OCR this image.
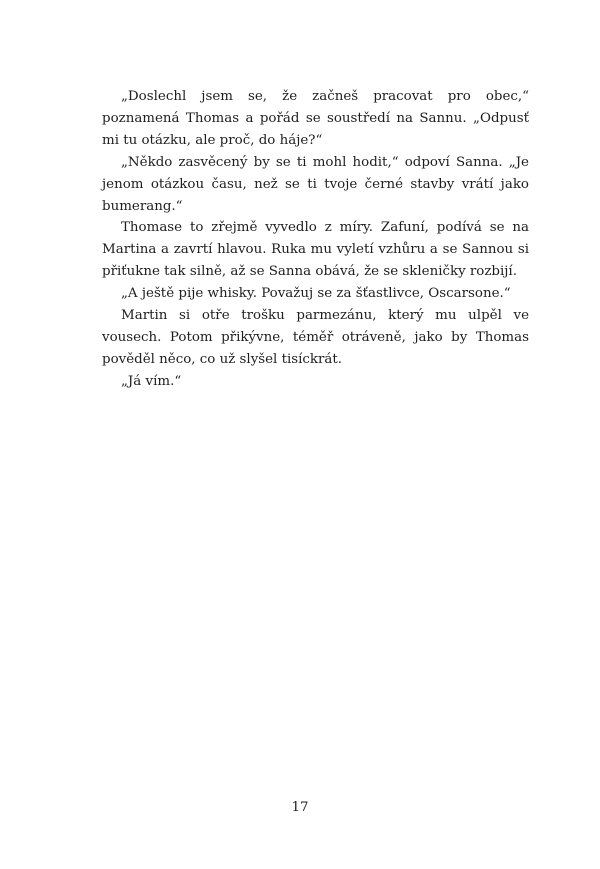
„Doslechl jsem se, že začneš pracovat pro obec,“ poznamená Thomas a pořád se soustředí na Sannu. „Odpusť mi tu otázku, ale proč, do háje?“

„Někdo zasvěcený by se ti mohl hodit,“ odpoví Sanna. „Je jenom otázkou času, než se ti tvoje černé stavby vrátí jako bumerang.“

Thomase to zřejmě vyvedlo z míry. Zafuní, podívá se na Martina a zavrtí hlavou. Ruka mu vyletí vzhůru a se Sannou si přiťukne tak silně, až se Sanna obává, že se skleničky rozbijí.

„A ještě pije whisky. Považuj se za šťastlivce, Oscarsone.“

Martin si otře trošku parmezánu, který mu ulpěl ve vousech. Potom přikývne, téměř otráveně, jako by Thomas pověděl něco, co už slyšel tisíckrát.

„Já vím.“

17
